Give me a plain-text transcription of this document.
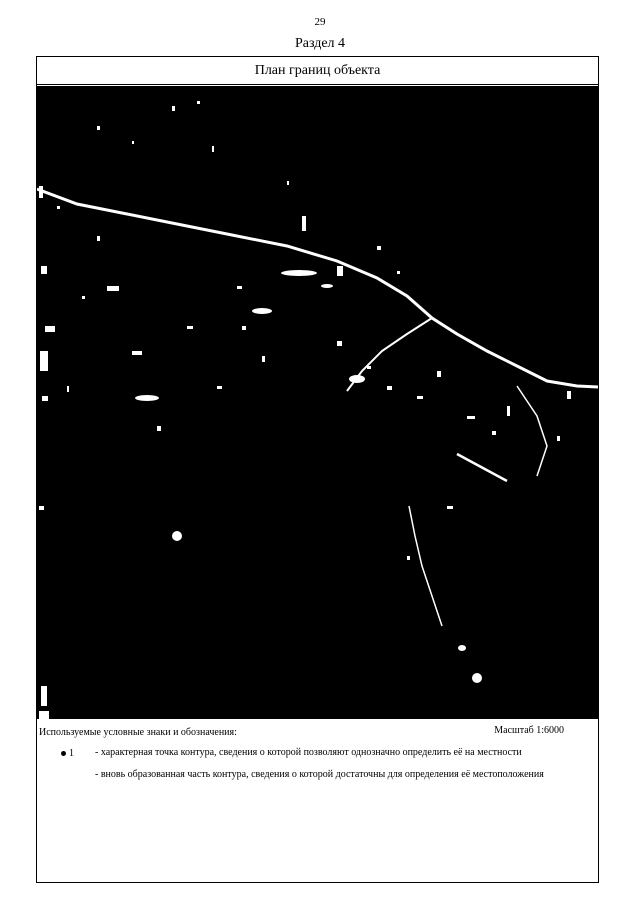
29
Раздел 4
План границ объекта
Используемые условные знаки и обозначения:	Масштаб 1:6000
1 - характерная точка контура, сведения о которой позволяют однозначно определить её на местности
- вновь образованная часть контура, сведения о которой достаточны для определения её местоположения
